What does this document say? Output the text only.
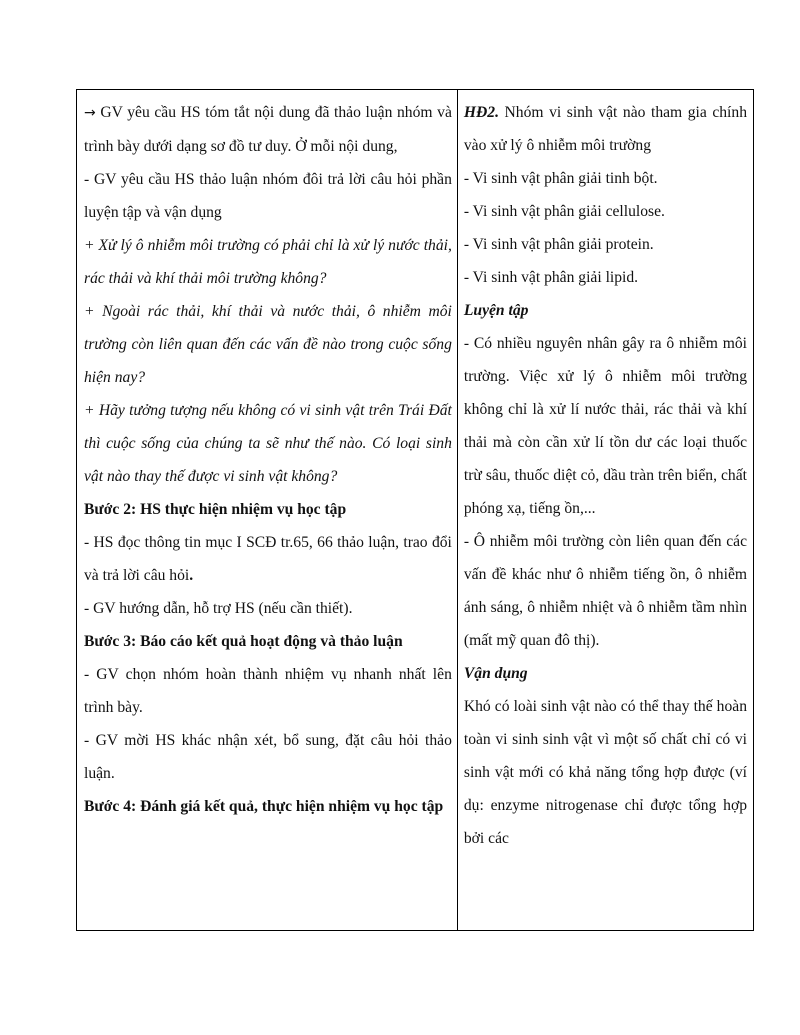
→ GV yêu cầu HS tóm tắt nội dung đã thảo luận nhóm và trình bày dưới dạng sơ đồ tư duy. Ở mỗi nội dung,

- GV yêu cầu HS thảo luận nhóm đôi trả lời câu hỏi phần luyện tập và vận dụng

+ Xử lý ô nhiễm môi trường có phải chỉ là xử lý nước thải, rác thải và khí thải môi trường không?

+ Ngoài rác thải, khí thải và nước thải, ô nhiễm môi trường còn liên quan đến các vấn đề nào trong cuộc sống hiện nay?

+ Hãy tưởng tượng nếu không có vi sinh vật trên Trái Đất thì cuộc sống của chúng ta sẽ như thế nào. Có loại sinh vật nào thay thế được vi sinh vật không?

Bước 2: HS thực hiện nhiệm vụ học tập

- HS đọc thông tin mục I SCĐ tr.65, 66 thảo luận, trao đổi và trả lời câu hỏi.

- GV hướng dẫn, hỗ trợ HS (nếu cần thiết).

Bước 3: Báo cáo kết quả hoạt động và thảo luận

- GV chọn nhóm hoàn thành nhiệm vụ nhanh nhất lên trình bày.

- GV mời HS khác nhận xét, bổ sung, đặt câu hỏi thảo luận.

Bước 4: Đánh giá kết quả, thực hiện nhiệm vụ học tập

HĐ2. Nhóm vi sinh vật nào tham gia chính vào xử lý ô nhiễm môi trường

- Vi sinh vật phân giải tinh bột.

- Vi sinh vật phân giải cellulose.

- Vi sinh vật phân giải protein.

- Vi sinh vật phân giải lipid.

Luyện tập

- Có nhiều nguyên nhân gây ra ô nhiễm môi trường. Việc xử lý ô nhiễm môi trường không chỉ là xử lí nước thải, rác thải và khí thải mà còn cần xử lí tồn dư các loại thuốc trừ sâu, thuốc diệt cỏ, dầu tràn trên biển, chất phóng xạ, tiếng ồn,...

- Ô nhiễm môi trường còn liên quan đến các vấn đề khác như ô nhiễm tiếng ồn, ô nhiễm ánh sáng, ô nhiễm nhiệt và ô nhiễm tầm nhìn (mất mỹ quan đô thị).

Vận dụng

Khó có loài sinh vật nào có thể thay thế hoàn toàn vi sinh sinh vật vì một số chất chỉ có vi sinh vật mới có khả năng tổng hợp được (ví dụ: enzyme nitrogenase chỉ được tổng hợp bởi các
